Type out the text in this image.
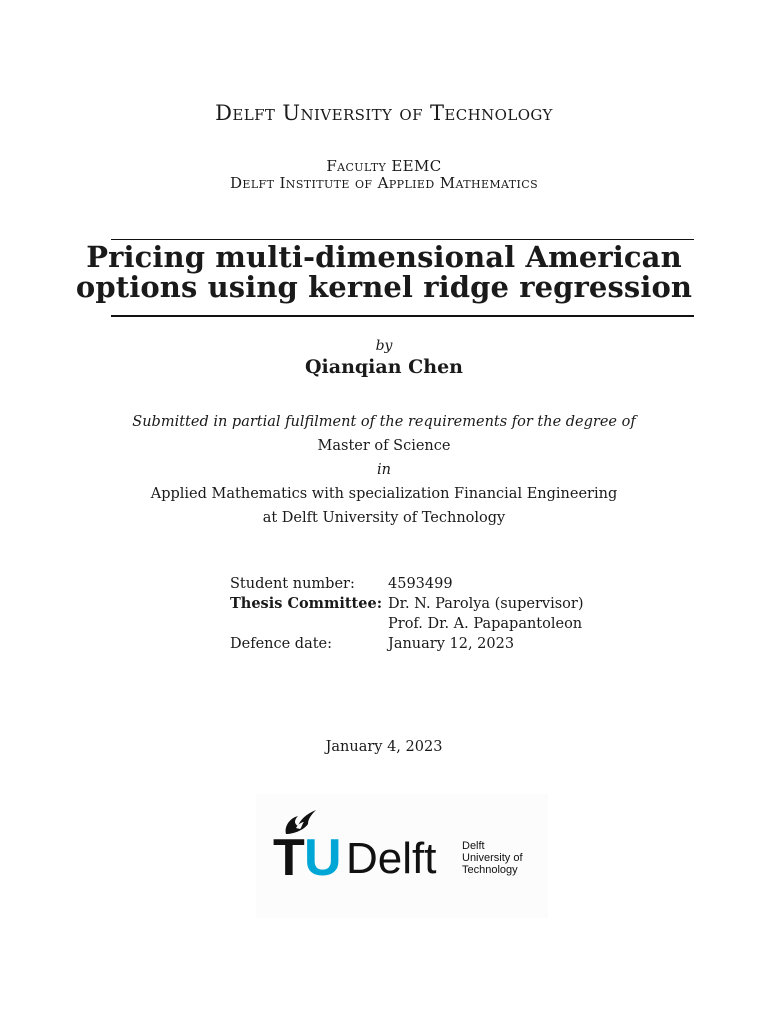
Delft University of Technology
Faculty EEMC
Delft Institute of Applied Mathematics
Pricing multi-dimensional American
options using kernel ridge regression
by
Qianqian Chen
Submitted in partial fulfilment of the requirements for the degree of
Master of Science
in
Applied Mathematics with specialization Financial Engineering
at Delft University of Technology
Student number: 4593499
Thesis Committee: Dr. N. Parolya (supervisor)
Prof. Dr. A. Papapantoleon
Defence date:	January 12, 2023
January 4, 2023
T U Delft Delft
University of
Technology
